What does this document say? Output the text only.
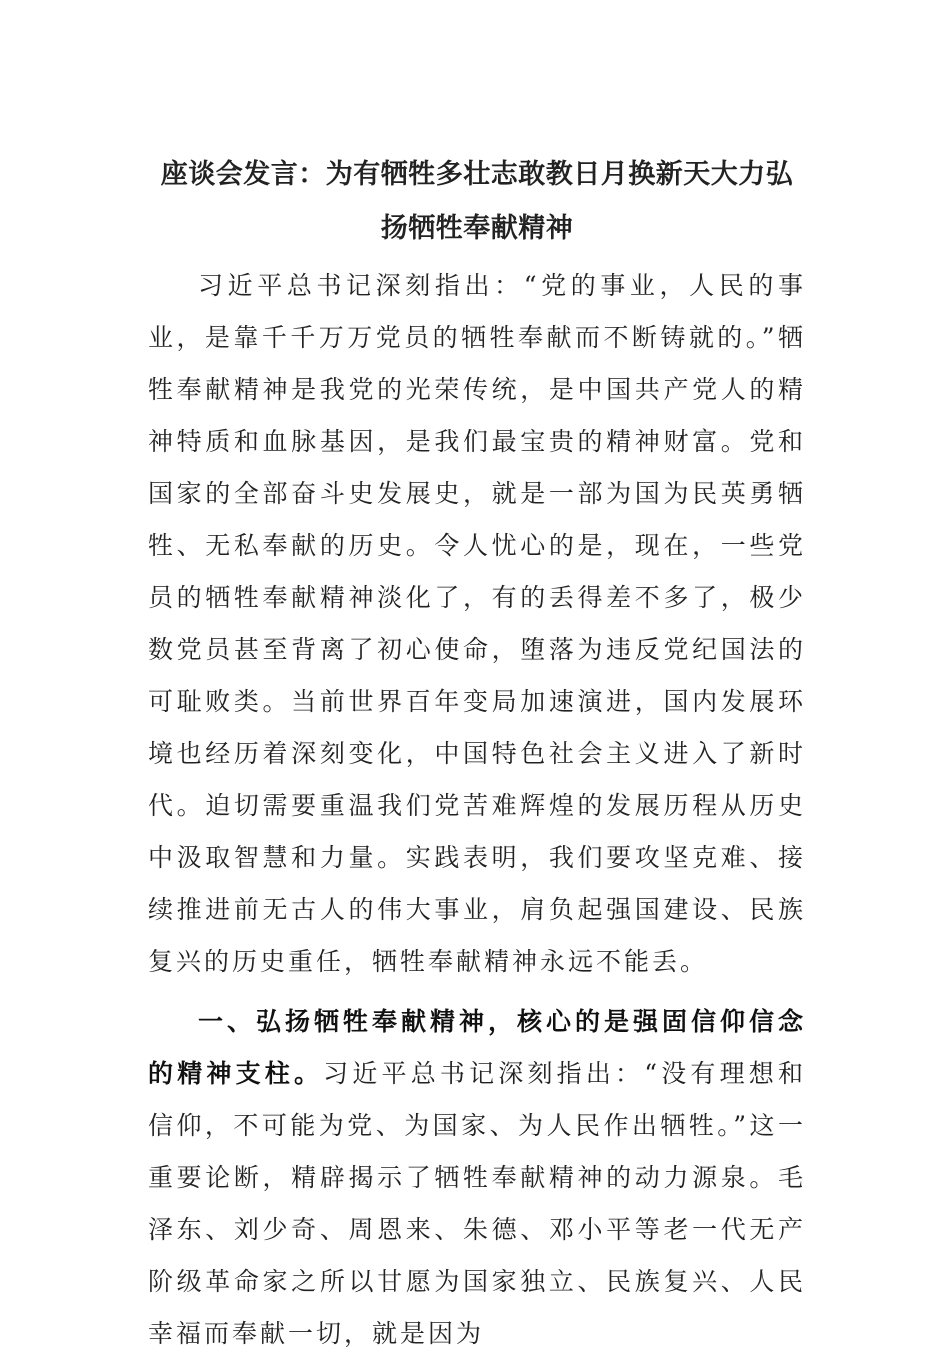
座谈会发言：为有牺牲多壮志敢教日月换新天大力弘扬牺牲奉献精神

习近平总书记深刻指出：“党的事业，人民的事业，是靠千千万万党员的牺牲奉献而不断铸就的。”牺牲奉献精神是我党的光荣传统，是中国共产党人的精神特质和血脉基因，是我们最宝贵的精神财富。党和国家的全部奋斗史发展史，就是一部为国为民英勇牺牲、无私奉献的历史。令人忧心的是，现在，一些党员的牺牲奉献精神淡化了，有的丢得差不多了，极少数党员甚至背离了初心使命，堕落为违反党纪国法的可耻败类。当前世界百年变局加速演进，国内发展环境也经历着深刻变化，中国特色社会主义进入了新时代。迫切需要重温我们党苦难辉煌的发展历程从历史中汲取智慧和力量。实践表明，我们要攻坚克难、接续推进前无古人的伟大事业，肩负起强国建设、民族复兴的历史重任，牺牲奉献精神永远不能丢。

一、弘扬牺牲奉献精神，核心的是强固信仰信念的精神支柱。习近平总书记深刻指出：“没有理想和信仰，不可能为党、为国家、为人民作出牺牲。”这一重要论断，精辟揭示了牺牲奉献精神的动力源泉。毛泽东、刘少奇、周恩来、朱德、邓小平等老一代无产阶级革命家之所以甘愿为国家独立、民族复兴、人民幸福而奉献一切，就是因为
